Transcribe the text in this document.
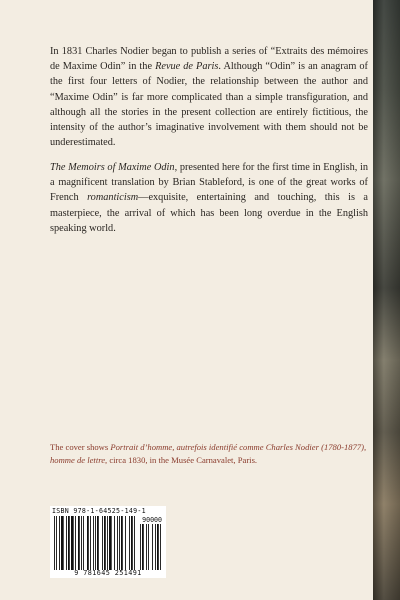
In 1831 Charles Nodier began to publish a series of “Extraits des mémoires de Maxime Odin” in the Revue de Paris. Although “Odin” is an anagram of the first four letters of Nodier, the relationship between the author and “Maxime Odin” is far more complicated than a simple transfiguration, and although all the stories in the present collection are entirely fictitious, the intensity of the author’s imaginative involvement with them should not be underestimated.

The Memoirs of Maxime Odin, presented here for the first time in English, in a magnificent translation by Brian Stableford, is one of the great works of French romanticism—exquisite, entertaining and touching, this is a masterpiece, the arrival of which has been long overdue in the English speaking world.

The cover shows Portrait d’homme, autrefois identifié comme Charles Nodier (1780-1877), homme de lettre, circa 1830, in the Musée Carnavalet, Paris.

ISBN 978-1-64525-149-1
90000
9 781645 251491
